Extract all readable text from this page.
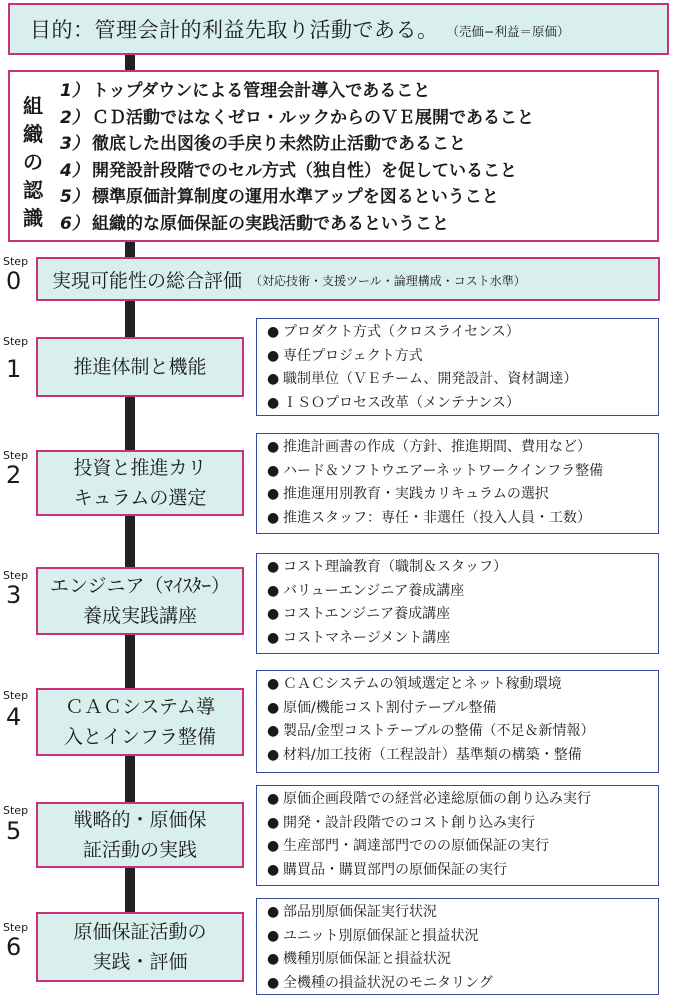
目的：管理会計的利益先取り活動である。 （売価−利益＝原価）
組
織
の
認
識
1） トップダウンによる管理会計導入であること
2） ＣＤ活動ではなくゼロ・ルックからのＶＥ展開であること
3） 徹底した出図後の手戻り未然防止活動であること
4） 開発設計段階でのセル方式（独自性）を促していること
5） 標準原価計算制度の運用水準アップを図るということ
6） 組織的な原価保証の実践活動であるということ
Step
0 実現可能性の総合評価 （対応技術・支援ツール・論理構成・コスト水準）
Step
1	推進体制と機能
● プロダクト方式（クロスライセンス）
● 専任プロジェクト方式
● 職制単位（ＶＥチーム、開発設計、資材調達）
● ＩＳＯプロセス改革（メンテナンス）
Step
2	投資と推進カリ
キュラムの選定
● 推進計画書の作成（方針、推進期間、費用など）
● ハード＆ソフトウエアーネットワークインフラ整備
● 推進運用別教育・実践カリキュラムの選択
● 推進スタッフ：専任・非選任（投入人員・工数）
Step
3 エンジニア（ﾏｲｽﾀｰ）
養成実践講座
● コスト理論教育（職制＆スタッフ）
● バリューエンジニア養成講座
● コストエンジニア養成講座
● コストマネージメント講座
Step
4 ＣＡＣシステム導
入とインフラ整備
● ＣＡＣシステムの領域選定とネット稼動環境
● 原価/機能コスト割付テーブル整備
● 製品/金型コストテーブルの整備（不足＆新情報）
● 材料/加工技術（工程設計）基準類の構築・整備
Step
5	戦略的・原価保
証活動の実践
● 原価企画段階での経営必達総原価の創り込み実行
● 開発・設計段階でのコスト創り込み実行
● 生産部門・調達部門でのの原価保証の実行
● 購買品・購買部門の原価保証の実行
Step
6
原価保証活動の
実践・評価
● 部品別原価保証実行状況
● ユニット別原価保証と損益状況
● 機種別原価保証と損益状況
● 全機種の損益状況のモニタリング
